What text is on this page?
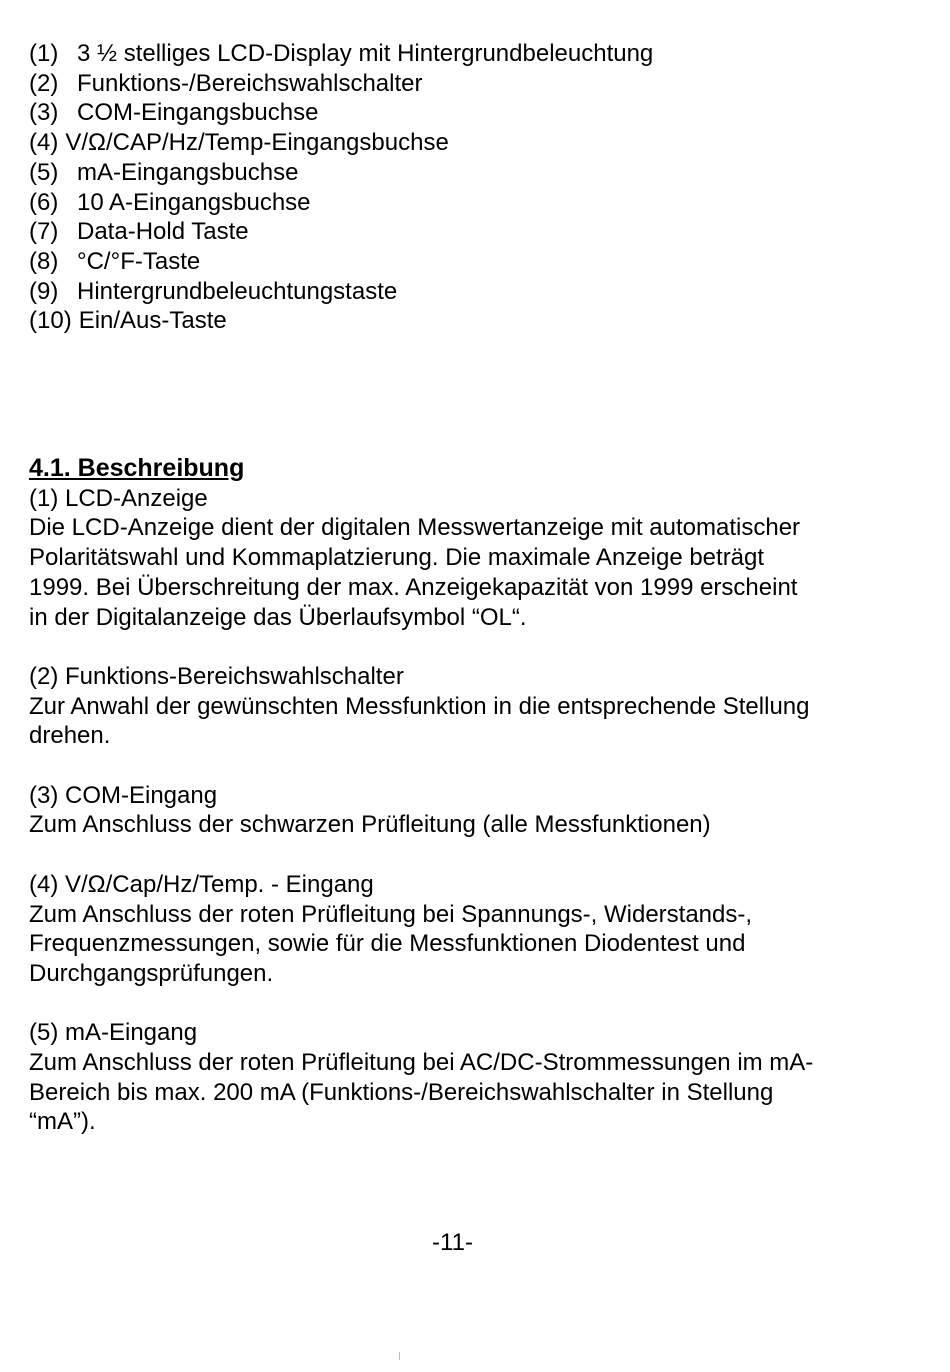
(1) 3 ½ stelliges LCD-Display mit Hintergrundbeleuchtung
(2) Funktions-/Bereichswahlschalter
(3) COM-Eingangsbuchse
(4) V/Ω/CAP/Hz/Temp-Eingangsbuchse
(5) mA-Eingangsbuchse
(6) 10 A-Eingangsbuchse
(7) Data-Hold Taste
(8) °C/°F-Taste
(9) Hintergrundbeleuchtungstaste
(10) Ein/Aus-Taste
4.1. Beschreibung

(1) LCD-Anzeige

Die LCD-Anzeige dient der digitalen Messwertanzeige mit automatischer

Polaritätswahl und Kommaplatzierung. Die maximale Anzeige beträgt

1999. Bei Überschreitung der max. Anzeigekapazität von 1999 erscheint

in der Digitalanzeige das Überlaufsymbol “OL“.

(2) Funktions-Bereichswahlschalter

Zur Anwahl der gewünschten Messfunktion in die entsprechende Stellung

drehen.

(3) COM-Eingang

Zum Anschluss der schwarzen Prüfleitung (alle Messfunktionen)

(4) V/Ω/Cap/Hz/Temp. - Eingang

Zum Anschluss der roten Prüfleitung bei Spannungs-, Widerstands-,

Frequenzmessungen, sowie für die Messfunktionen Diodentest und

Durchgangsprüfungen.

(5) mA-Eingang

Zum Anschluss der roten Prüfleitung bei AC/DC-Strommessungen im mA-

Bereich bis max. 200 mA (Funktions-/Bereichswahlschalter in Stellung

“mA”).

-11-
